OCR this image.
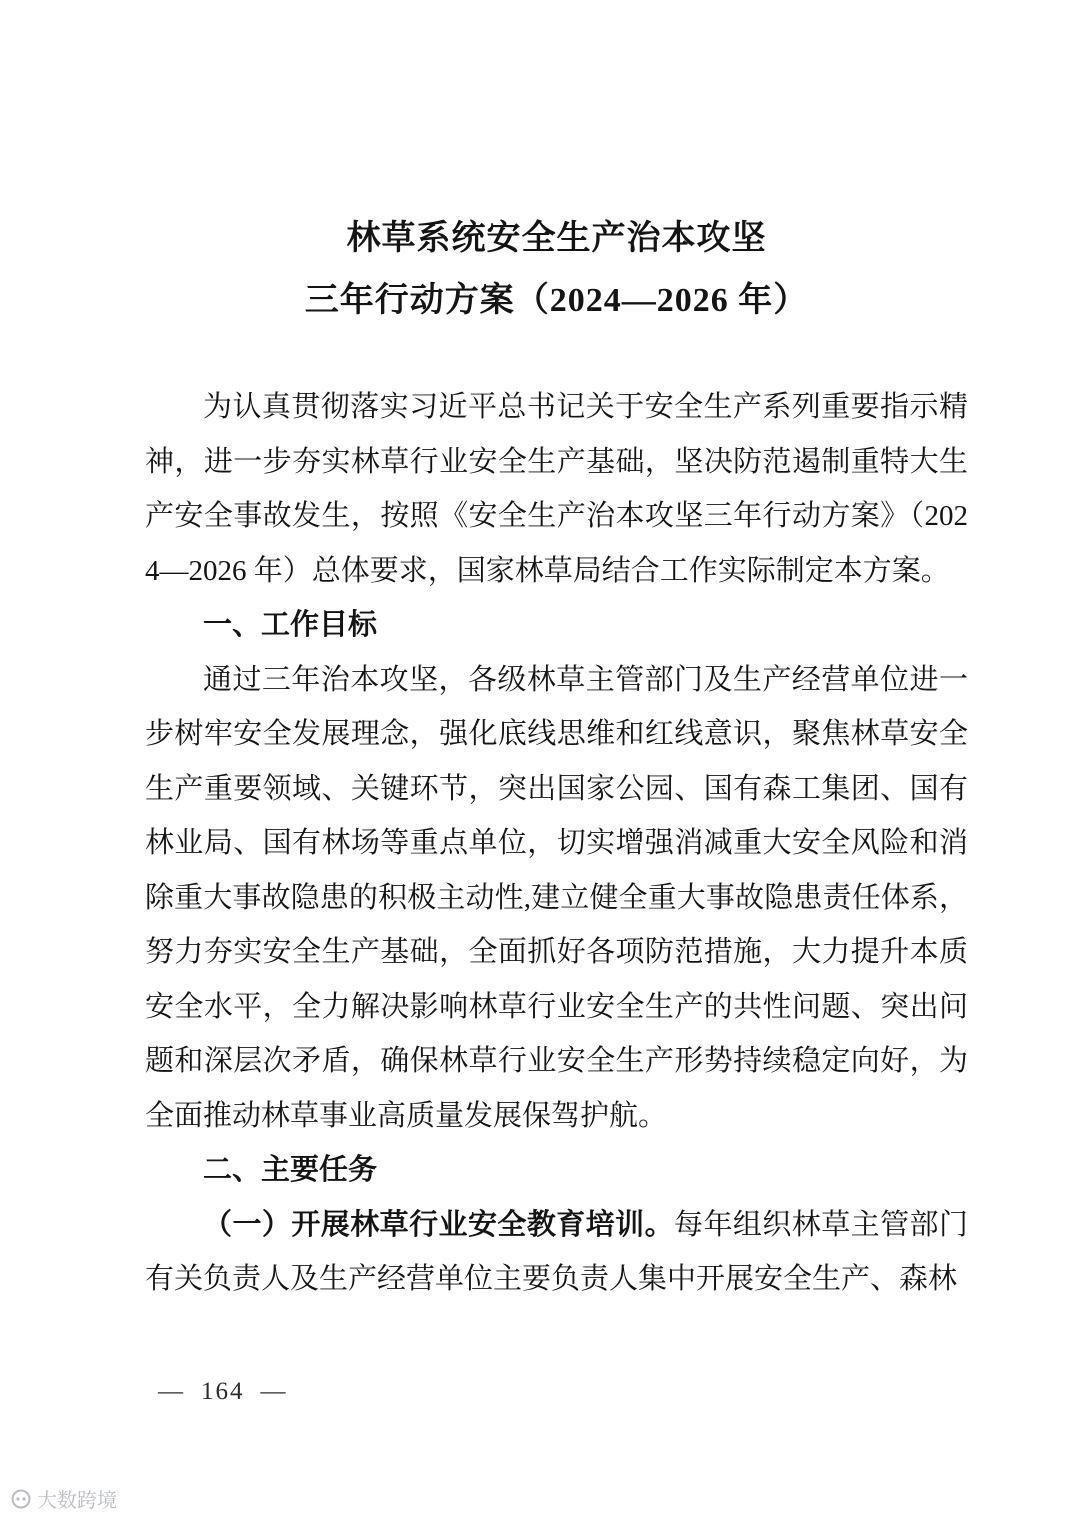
林草系统安全生产治本攻坚
三年行动方案（2024—2026 年）

为认真贯彻落实习近平总书记关于安全生产系列重要指示精神，进一步夯实林草行业安全生产基础，坚决防范遏制重特大生产安全事故发生，按照《安全生产治本攻坚三年行动方案》（2024—2026 年）总体要求，国家林草局结合工作实际制定本方案。

一、工作目标

通过三年治本攻坚，各级林草主管部门及生产经营单位进一步树牢安全发展理念，强化底线思维和红线意识，聚焦林草安全生产重要领域、关键环节，突出国家公园、国有森工集团、国有林业局、国有林场等重点单位，切实增强消减重大安全风险和消除重大事故隐患的积极主动性,建立健全重大事故隐患责任体系，努力夯实安全生产基础，全面抓好各项防范措施，大力提升本质安全水平，全力解决影响林草行业安全生产的共性问题、突出问题和深层次矛盾，确保林草行业安全生产形势持续稳定向好，为全面推动林草事业高质量发展保驾护航。

二、主要任务

（一）开展林草行业安全教育培训。每年组织林草主管部门有关负责人及生产经营单位主要负责人集中开展安全生产、森林

— 164 —
大数跨境
